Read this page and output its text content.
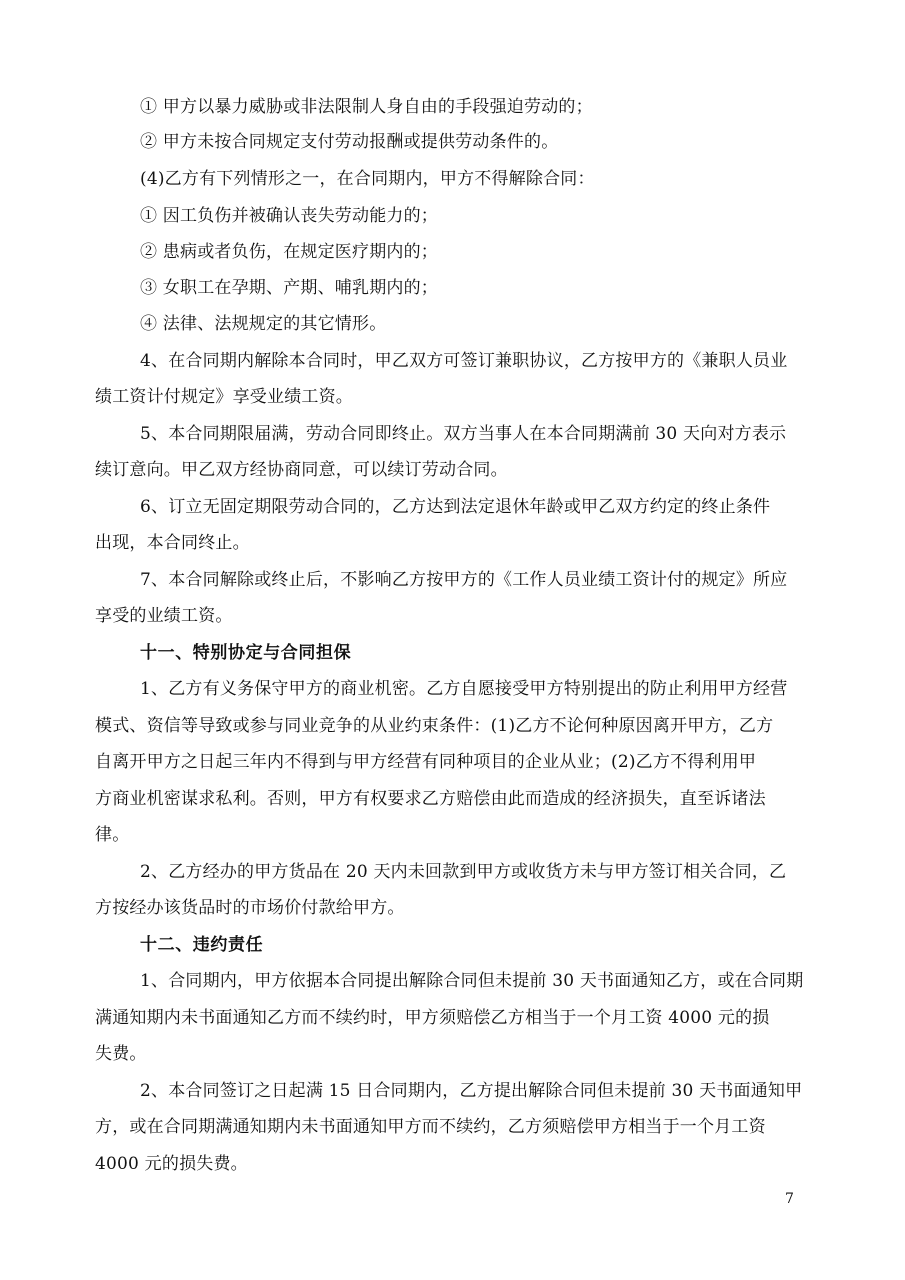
① 甲方以暴力威胁或非法限制人身自由的手段强迫劳动的；
② 甲方未按合同规定支付劳动报酬或提供劳动条件的。
(4)乙方有下列情形之一，在合同期内，甲方不得解除合同：
① 因工负伤并被确认丧失劳动能力的；
② 患病或者负伤，在规定医疗期内的；
③ 女职工在孕期、产期、哺乳期内的；
④ 法律、法规规定的其它情形。
4、在合同期内解除本合同时，甲乙双方可签订兼职协议，乙方按甲方的《兼职人员业
绩工资计付规定》享受业绩工资。
5、本合同期限届满，劳动合同即终止。双方当事人在本合同期满前 30 天向对方表示
续订意向。甲乙双方经协商同意，可以续订劳动合同。
6、订立无固定期限劳动合同的，乙方达到法定退休年龄或甲乙双方约定的终止条件
出现，本合同终止。
7、本合同解除或终止后，不影响乙方按甲方的《工作人员业绩工资计付的规定》所应
享受的业绩工资。
十一、特别协定与合同担保
1、乙方有义务保守甲方的商业机密。乙方自愿接受甲方特别提出的防止利用甲方经营
模式、资信等导致或参与同业竞争的从业约束条件：(1)乙方不论何种原因离开甲方，乙方
自离开甲方之日起三年内不得到与甲方经营有同种项目的企业从业；(2)乙方不得利用甲
方商业机密谋求私利。否则，甲方有权要求乙方赔偿由此而造成的经济损失，直至诉诸法
律。
2、乙方经办的甲方货品在 20 天内未回款到甲方或收货方未与甲方签订相关合同，乙
方按经办该货品时的市场价付款给甲方。
十二、违约责任
1、合同期内，甲方依据本合同提出解除合同但未提前 30 天书面通知乙方，或在合同期
满通知期内未书面通知乙方而不续约时，甲方须赔偿乙方相当于一个月工资 4000 元的损
失费。
2、本合同签订之日起满 15 日合同期内，乙方提出解除合同但未提前 30 天书面通知甲
方，或在合同期满通知期内未书面通知甲方而不续约，乙方须赔偿甲方相当于一个月工资
4000 元的损失费。
7
